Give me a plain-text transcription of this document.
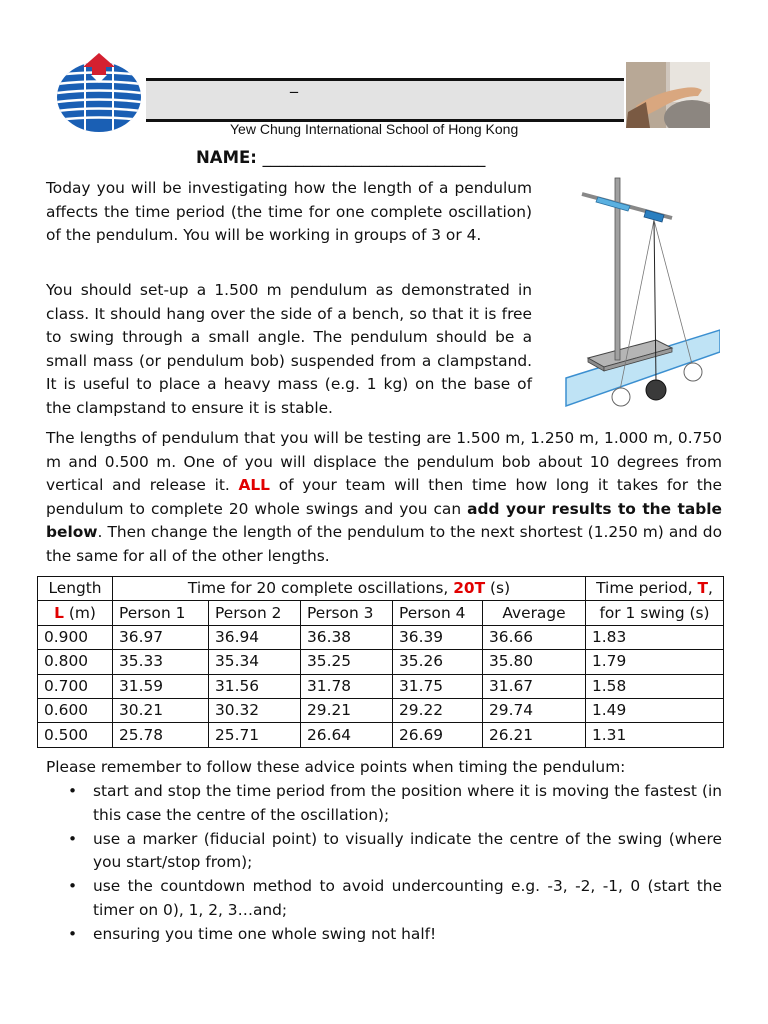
_
Yew Chung International School of Hong Kong
NAME: ___________________________

Today you will be investigating how the length of a pendulum affects the time period (the time for one complete oscillation) of the pendulum. You will be working in groups of 3 or 4.

You should set-up a 1.500 m pendulum as demonstrated in class. It should hang over the side of a bench, so that it is free to swing through a small angle. The pendulum should be a small mass (or pendulum bob) suspended from a clampstand. It is useful to place a heavy mass (e.g. 1 kg) on the base of the clampstand to ensure it is stable.

The lengths of pendulum that you will be testing are 1.500 m, 1.250 m, 1.000 m, 0.750 m and 0.500 m. One of you will displace the pendulum bob about 10 degrees from vertical and release it. ALL of your team will then time how long it takes for the pendulum to complete 20 whole swings and you can add your results to the table below. Then change the length of the pendulum to the next shortest (1.250 m) and do the same for all of the other lengths.

Length	Time for 20 complete oscillations, 20T (s)					Time period, T,
L (m)	Person 1	Person 2	Person 3	Person 4	Average	for 1 swing (s)
0.900	36.97	36.94	36.38	36.39	36.66	1.83
0.800	35.33	35.34	35.25	35.26	35.80	1.79
0.700	31.59	31.56	31.78	31.75	31.67	1.58
0.600	30.21	30.32	29.21	29.22	29.74	1.49
0.500	25.78	25.71	26.64	26.69	26.21	1.31

Please remember to follow these advice points when timing the pendulum:

• start and stop the time period from the position where it is moving the fastest (in this case the centre of the oscillation);
• use a marker (fiducial point) to visually indicate the centre of the swing (where you start/stop from);
• use the countdown method to avoid undercounting e.g. -3, -2, -1, 0 (start the timer on 0), 1, 2, 3…and;
• ensuring you time one whole swing not half!
